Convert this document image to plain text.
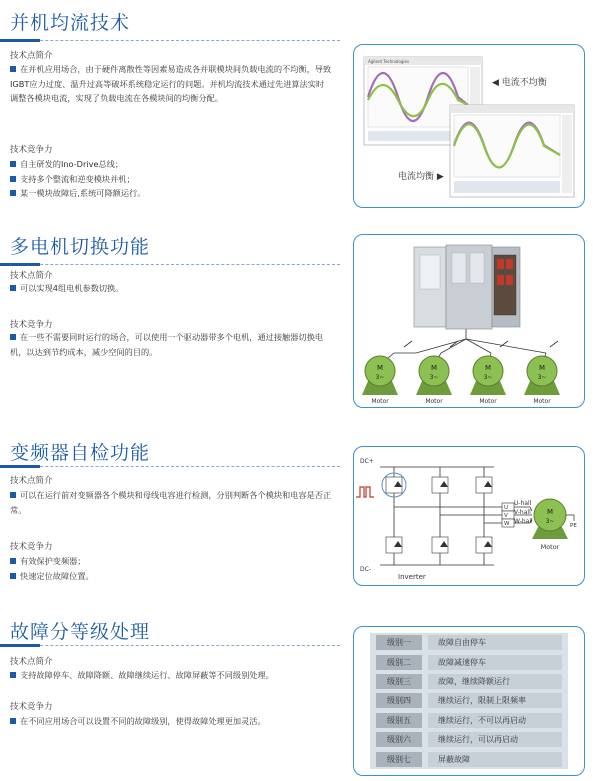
并机均流技术
技术点简介
在并机应用场合，由于硬件离散性等因素易造成各并联模块间负载电流的不均衡，导致IGBT应力过度、温升过高等破坏系统稳定运行的问题。并机均流技术通过先进算法实时调整各模块电流，实现了负载电流在各模块间的均衡分配。
技术竞争力
自主研发的Ino-Drive总线；
支持多个整流和逆变模块并机；
某一模块故障后,系统可降额运行。
Agilent Technologies
◀ 电流不均衡
电流均衡 ▶
多电机切换功能
技术点简介
可以实现4组电机参数切换。
技术竞争力
在一些不需要同时运行的场合，可以使用一个驱动器带多个电机，通过接触器切换电机，以达到节约成本，减少空间的目的。
M
3~
Motor
M
3~
Motor
M
3~
Motor
M
3~
Motor
变频器自检功能
技术点简介
可以在运行前对变频器各个模块和母线电容进行检测，分别判断各个模块和电容是否正常。
技术竞争力
有效保护变频器；
快速定位故障位置。
U
V
W
U-hall
V-hall
W-hall
DC+
DC-
Inverter
M
3~
Motor
PE
故障分等级处理
技术点简介
支持故障停车、故障降额、故障继续运行、故障屏蔽等不同级别处理。
技术竞争力
在不同应用场合可以设置不同的故障级别，使得故障处理更加灵活。
级别一	故障自由停车
级别二	故障减速停车
级别三	故障，继续降额运行
级别四	继续运行，限制上限频率
级别五	继续运行，不可以再启动
级别六	继续运行，可以再启动
级别七	屏蔽故障
